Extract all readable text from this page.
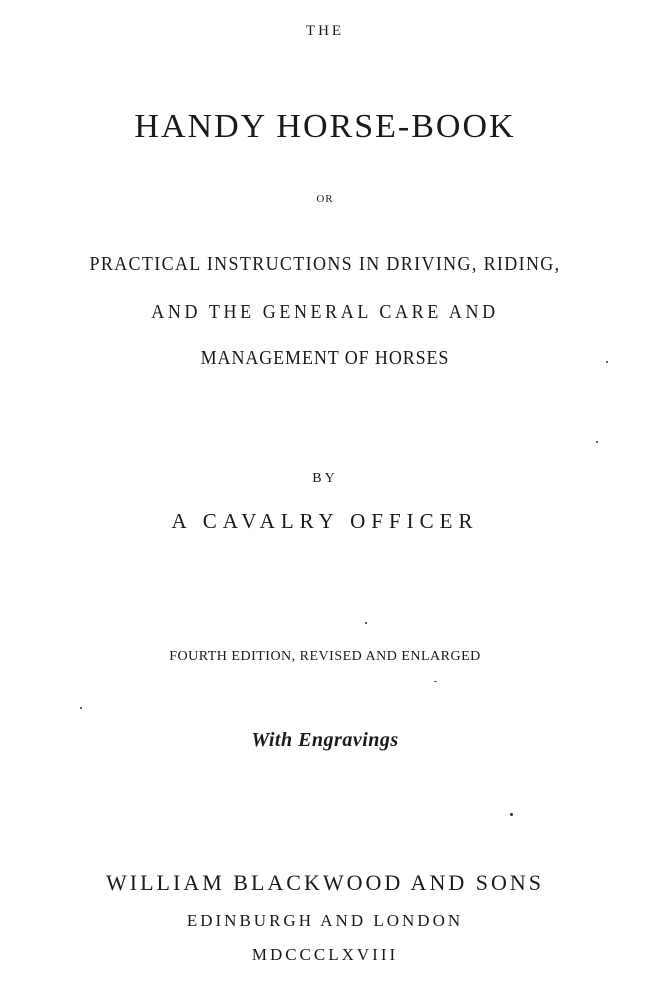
THE
HANDY HORSE-BOOK
OR
PRACTICAL INSTRUCTIONS IN DRIVING, RIDING,
AND THE GENERAL CARE AND
MANAGEMENT OF HORSES
BY
A CAVALRY OFFICER
FOURTH EDITION, REVISED AND ENLARGED
With Engravings
WILLIAM BLACKWOOD AND SONS
EDINBURGH AND LONDON
MDCCCLXVIII
